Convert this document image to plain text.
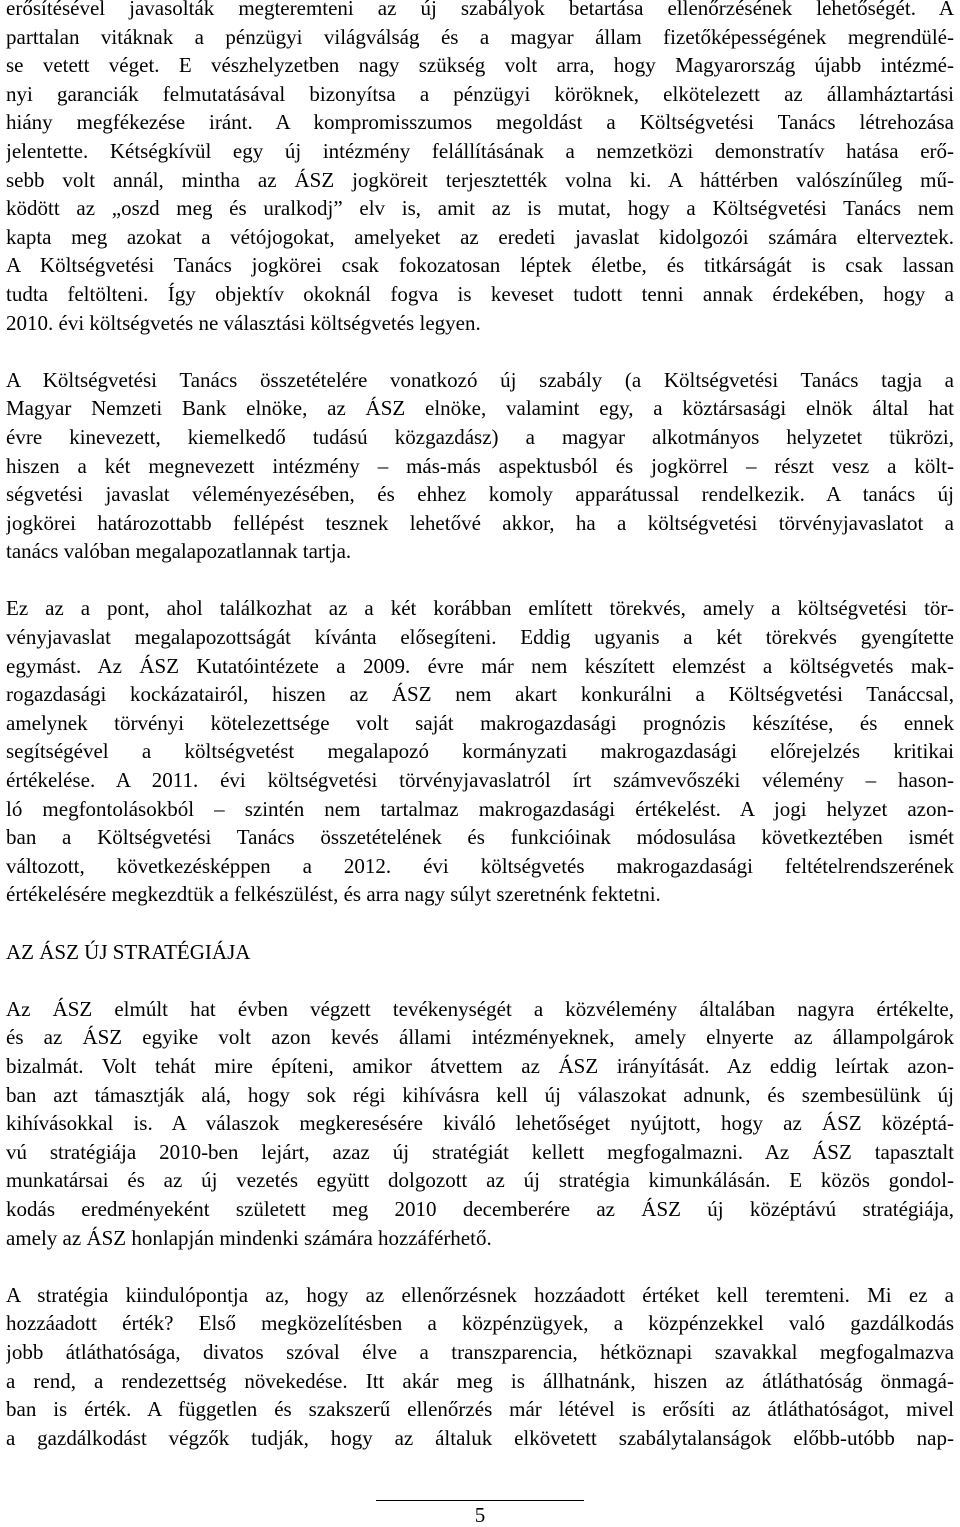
erősítésével javasolták megteremteni az új szabályok betartása ellenőrzésének lehetőségét. A
parttalan vitáknak a pénzügyi világválság és a magyar állam fizetőképességének megrendülé-
se vetett véget. E vészhelyzetben nagy szükség volt arra, hogy Magyarország újabb intézmé-
nyi garanciák felmutatásával bizonyítsa a pénzügyi köröknek, elkötelezett az államháztartási
hiány megfékezése iránt. A kompromisszumos megoldást a Költségvetési Tanács létrehozása
jelentette. Kétségkívül egy új intézmény felállításának a nemzetközi demonstratív hatása erő-
sebb volt annál, mintha az ÁSZ jogköreit terjesztették volna ki. A háttérben valószínűleg mű-
ködött az „oszd meg és uralkodj” elv is, amit az is mutat, hogy a Költségvetési Tanács nem
kapta meg azokat a vétójogokat, amelyeket az eredeti javaslat kidolgozói számára elterveztek.
A Költségvetési Tanács jogkörei csak fokozatosan léptek életbe, és titkárságát is csak lassan
tudta feltölteni. Így objektív okoknál fogva is keveset tudott tenni annak érdekében, hogy a
2010. évi költségvetés ne választási költségvetés legyen.
A Költségvetési Tanács összetételére vonatkozó új szabály (a Költségvetési Tanács tagja a
Magyar Nemzeti Bank elnöke, az ÁSZ elnöke, valamint egy, a köztársasági elnök által hat
évre kinevezett, kiemelkedő tudású közgazdász) a magyar alkotmányos helyzetet tükrözi,
hiszen a két megnevezett intézmény – más-más aspektusból és jogkörrel – részt vesz a költ-
ségvetési javaslat véleményezésében, és ehhez komoly apparátussal rendelkezik. A tanács új
jogkörei határozottabb fellépést tesznek lehetővé akkor, ha a költségvetési törvényjavaslatot a
tanács valóban megalapozatlannak tartja.
Ez az a pont, ahol találkozhat az a két korábban említett törekvés, amely a költségvetési tör-
vényjavaslat megalapozottságát kívánta elősegíteni. Eddig ugyanis a két törekvés gyengítette
egymást. Az ÁSZ Kutatóintézete a 2009. évre már nem készített elemzést a költségvetés mak-
rogazdasági kockázatairól, hiszen az ÁSZ nem akart konkurálni a Költségvetési Tanáccsal,
amelynek törvényi kötelezettsége volt saját makrogazdasági prognózis készítése, és ennek
segítségével a költségvetést megalapozó kormányzati makrogazdasági előrejelzés kritikai
értékelése. A 2011. évi költségvetési törvényjavaslatról írt számvevőszéki vélemény – hason-
ló megfontolásokból – szintén nem tartalmaz makrogazdasági értékelést. A jogi helyzet azon-
ban a Költségvetési Tanács összetételének és funkcióinak módosulása következtében ismét
változott, következésképpen a 2012. évi költségvetés makrogazdasági feltételrendszerének
értékelésére megkezdtük a felkészülést, és arra nagy súlyt szeretnénk fektetni.
AZ ÁSZ ÚJ STRATÉGIÁJA
Az ÁSZ elmúlt hat évben végzett tevékenységét a közvélemény általában nagyra értékelte,
és az ÁSZ egyike volt azon kevés állami intézményeknek, amely elnyerte az állampolgárok
bizalmát. Volt tehát mire építeni, amikor átvettem az ÁSZ irányítását. Az eddig leírtak azon-
ban azt támasztják alá, hogy sok régi kihívásra kell új válaszokat adnunk, és szembesülünk új
kihívásokkal is. A válaszok megkeresésére kiváló lehetőséget nyújtott, hogy az ÁSZ középtá-
vú stratégiája 2010-ben lejárt, azaz új stratégiát kellett megfogalmazni. Az ÁSZ tapasztalt
munkatársai és az új vezetés együtt dolgozott az új stratégia kimunkálásán. E közös gondol-
kodás eredményeként született meg 2010 decemberére az ÁSZ új középtávú stratégiája,
amely az ÁSZ honlapján mindenki számára hozzáférhető.
A stratégia kiindulópontja az, hogy az ellenőrzésnek hozzáadott értéket kell teremteni. Mi ez a
hozzáadott érték? Első megközelítésben a közpénzügyek, a közpénzekkel való gazdálkodás
jobb átláthatósága, divatos szóval élve a transzparencia, hétköznapi szavakkal megfogalmazva
a rend, a rendezettség növekedése. Itt akár meg is állhatnánk, hiszen az átláthatóság önmagá-
ban is érték. A független és szakszerű ellenőrzés már létével is erősíti az átláthatóságot, mivel
a gazdálkodást végzők tudják, hogy az általuk elkövetett szabálytalanságok előbb-utóbb nap-
5
